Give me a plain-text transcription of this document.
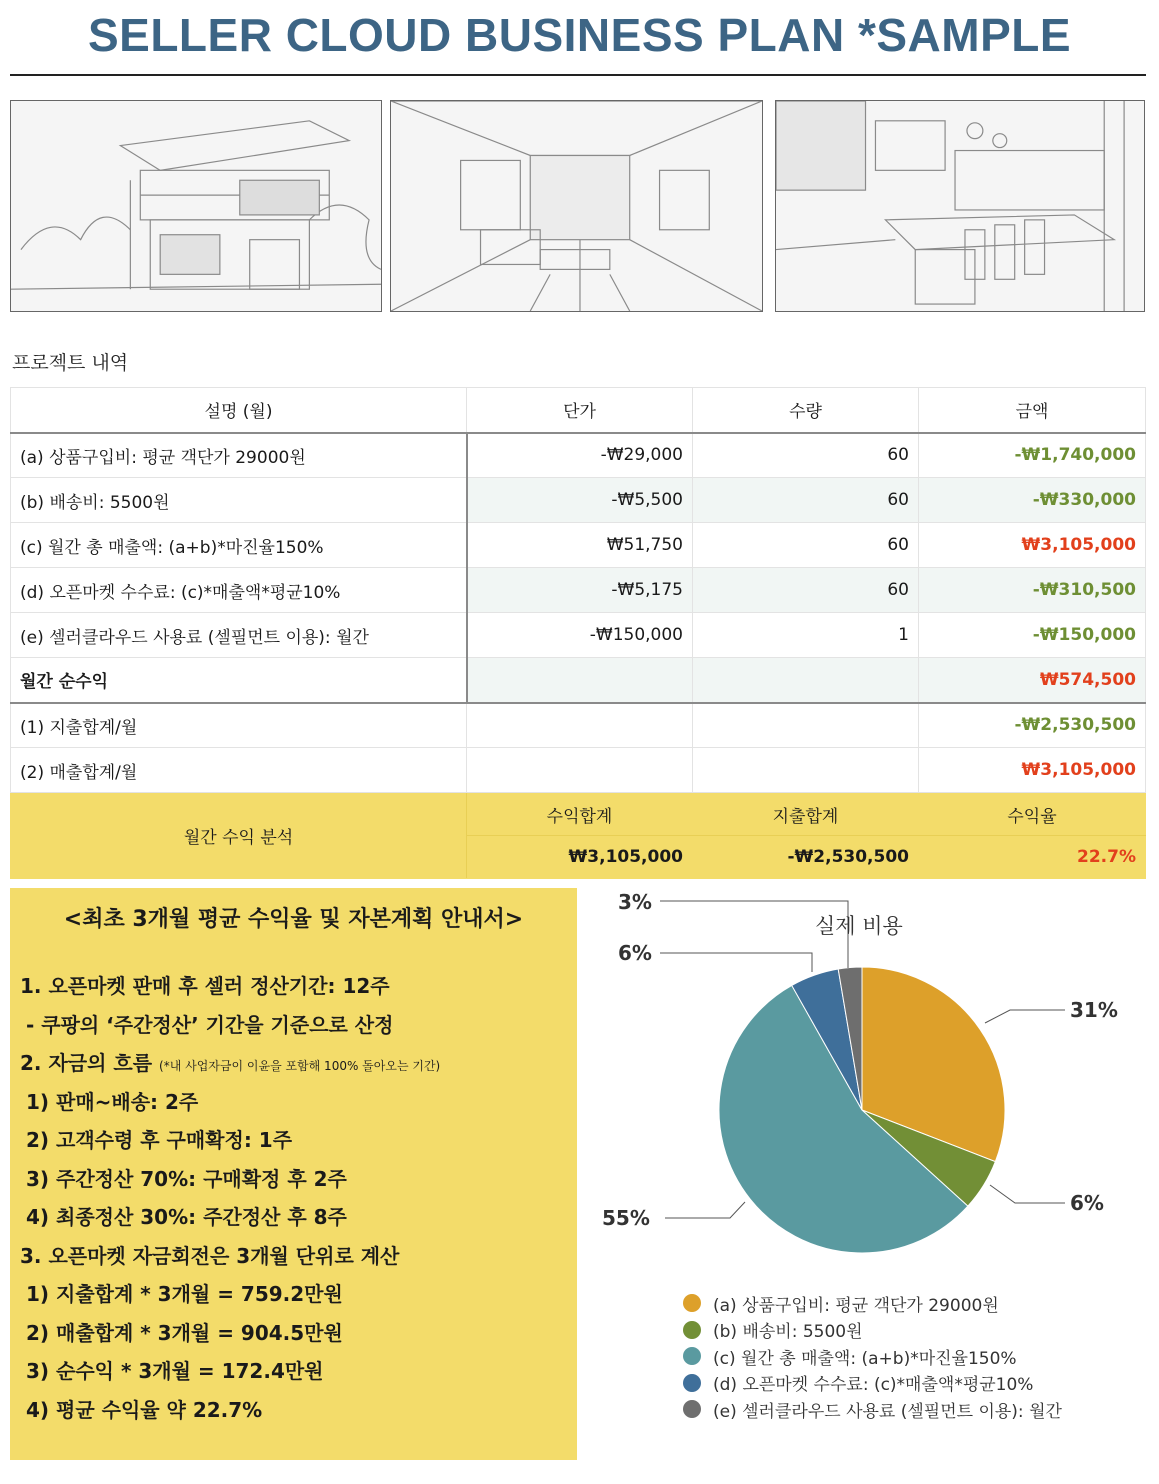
SELLER CLOUD BUSINESS PLAN *SAMPLE
프로젝트 내역
설명 (월)	단가	수량	금액
(a) 상품구입비: 평균 객단가 29000원	-₩29,000	60	-₩1,740,000
(b) 배송비: 5500원	-₩5,500	60	-₩330,000
(c) 월간 총 매출액: (a+b)*마진율150%	₩51,750	60	₩3,105,000
(d) 오픈마켓 수수료: (c)*매출액*평균10%	-₩5,175	60	-₩310,500
(e) 셀러클라우드 사용료 (셀필먼트 이용): 월간	-₩150,000	1	-₩150,000
월간 순수익			₩574,500
(1) 지출합계/월			-₩2,530,500
(2) 매출합계/월			₩3,105,000
월간 수익 분석	수익합계	지출합계	수익율
	₩3,105,000	-₩2,530,500	22.7%
<최초 3개월 평균 수익율 및 자본계획 안내서>
1. 오픈마켓 판매 후 셀러 정산기간: 12주
- 쿠팡의 ‘주간정산’ 기간을 기준으로 산정
2. 자금의 흐름 (*내 사업자금이 이윤을 포함해 100% 돌아오는 기간)
1) 판매~배송: 2주
2) 고객수령 후 구매확정: 1주
3) 주간정산 70%: 구매확정 후 2주
4) 최종정산 30%: 주간정산 후 8주
3. 오픈마켓 자금회전은 3개월 단위로 계산
1) 지출합계 * 3개월 = 759.2만원
2) 매출합계 * 3개월 = 904.5만원
3) 순수익 * 3개월 = 172.4만원
4) 평균 수익율 약 22.7%
실제 비용
3%
6%
31%
6%
55%
(a) 상품구입비: 평균 객단가 29000원
(b) 배송비: 5500원
(c) 월간 총 매출액: (a+b)*마진율150%
(d) 오픈마켓 수수료: (c)*매출액*평균10%
(e) 셀러클라우드 사용료 (셀필먼트 이용): 월간
